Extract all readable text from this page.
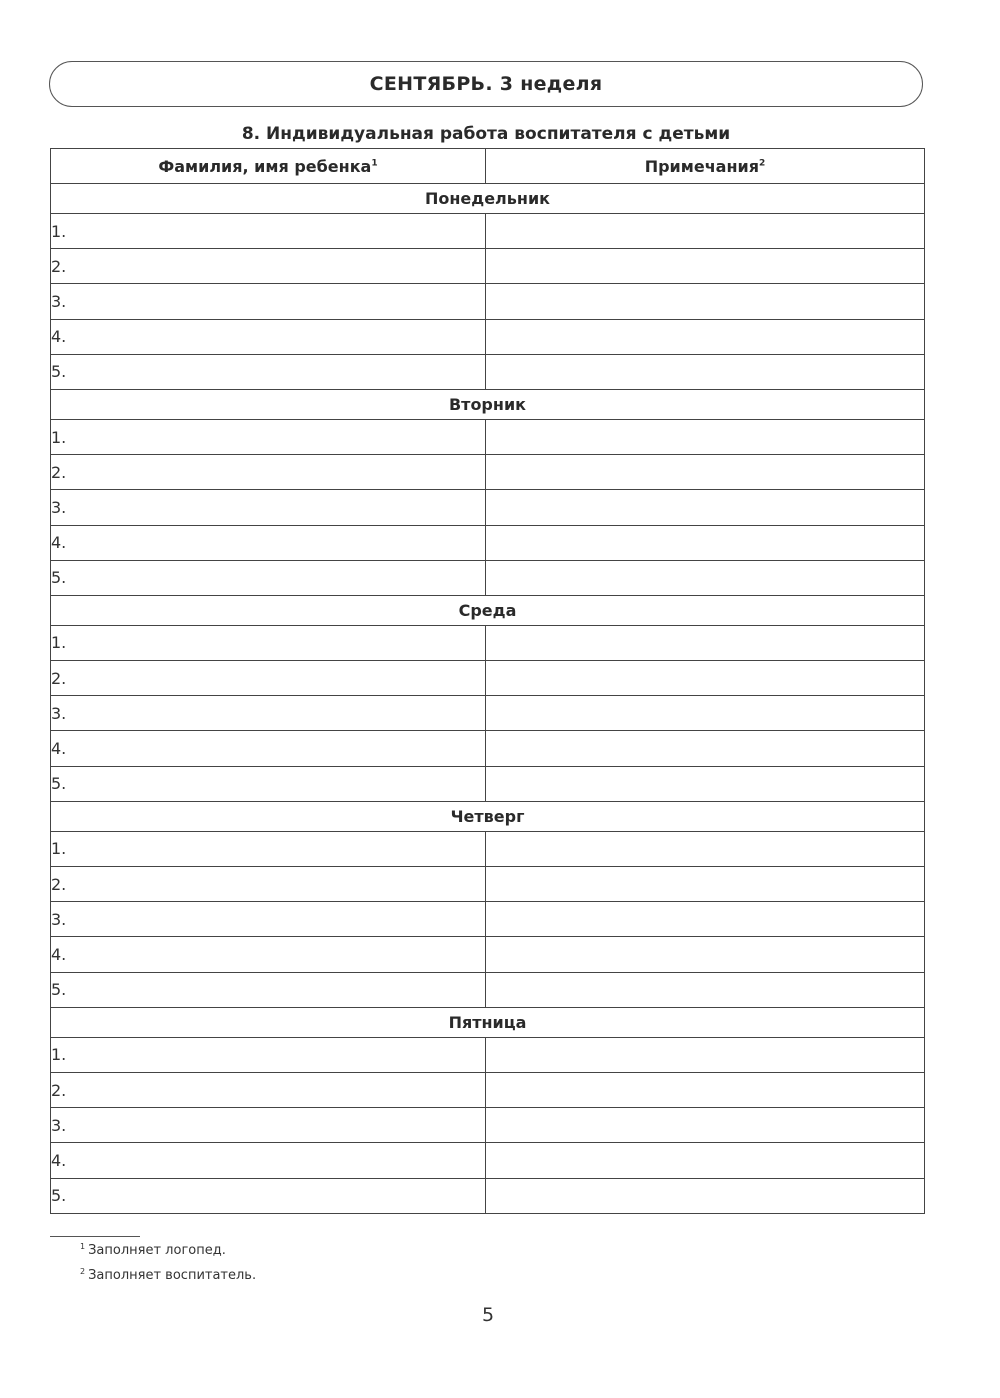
СЕНТЯБРЬ. 3 неделя
8. Индивидуальная работа воспитателя с детьми
Фамилия, имя ребенка$^1$	Примечания$^2$
Понедельник	
1.	
2.	
3.	
4.	
5.	
Вторник	
1.	
2.	
3.	
4.	
5.	
Среда	
1.	
2.	
3.	
4.	
5.	
Четверг	
1.	
2.	
3.	
4.	
5.	
Пятница	
1.	
2.	
3.	
4.	
5.	
$^1$ Заполняет логопед.
$^2$ Заполняет воспитатель.
5
